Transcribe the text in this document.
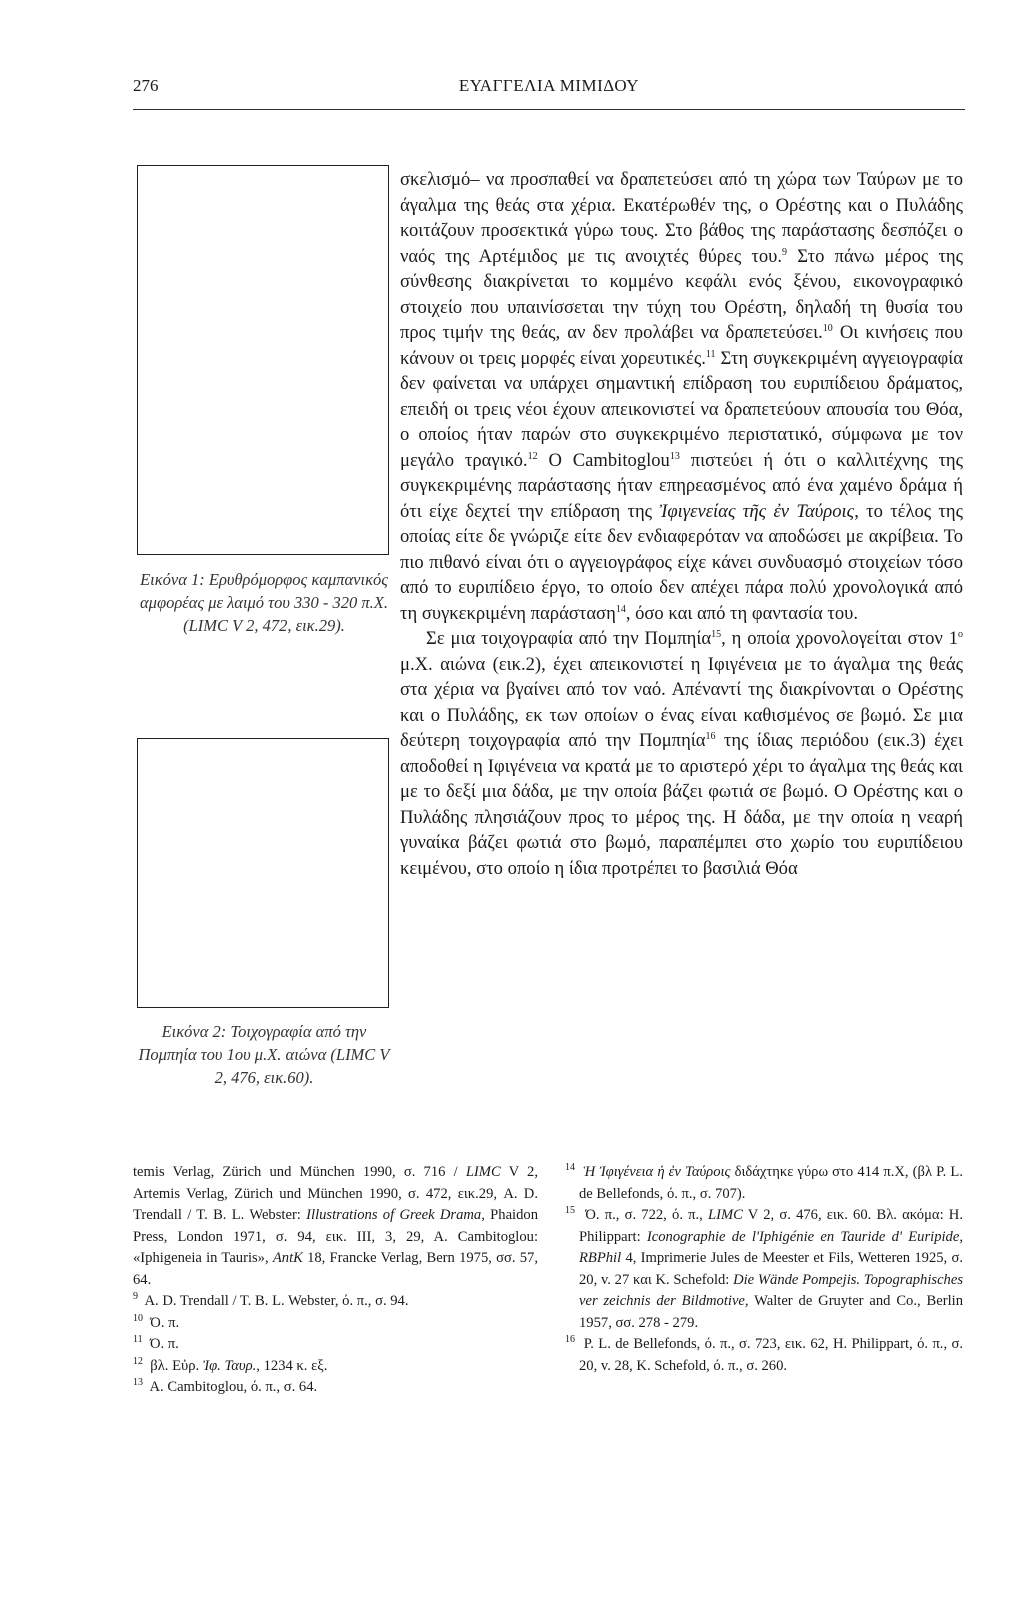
276	ΕΥΑΓΓΕΛΙΑ ΜΙΜΙΔΟΥ
Εικόνα 1: Ερυθρόμορφος καμπανικός αμφορέας με λαιμό του 330 - 320 π.Χ. (LIMC V 2, 472, εικ.29).
Εικόνα 2: Τοιχογραφία από την Πομπηία του 1ου μ.Χ. αιώνα (LIMC V 2, 476, εικ.60).

σκελισμό– να προσπαθεί να δραπετεύσει από τη χώρα των Ταύρων με το άγαλμα της θεάς στα χέρια. Εκατέρωθέν της, ο Ορέστης και ο Πυλάδης κοιτάζουν προσεκτικά γύρω τους. Στο βάθος της παράστασης δεσπόζει ο ναός της Αρτέμιδος με τις ανοιχτές θύρες του.$^9$ Στο πάνω μέρος της σύνθεσης διακρίνεται το κομμένο κεφάλι ενός ξένου, εικονογραφικό στοιχείο που υπαινίσσεται την τύχη του Ορέστη, δηλαδή τη θυσία του προς τιμήν της θεάς, αν δεν προλάβει να δραπετεύσει.$^{10}$ Οι κινήσεις που κάνουν οι τρεις μορφές είναι χορευτικές.$^{11}$ Στη συγκεκριμένη αγγειογραφία δεν φαίνεται να υπάρχει σημαντική επίδραση του ευριπίδειου δράματος, επειδή οι τρεις νέοι έχουν απεικονιστεί να δραπετεύουν απουσία του Θόα, ο οποίος ήταν παρών στο συγκεκριμένο περιστατικό, σύμφωνα με τον μεγάλο τραγικό.$^{12}$ Ο Cambitoglou$^{13}$ πιστεύει ή ότι ο καλλιτέχνης της συγκεκριμένης παράστασης ήταν επηρεασμένος από ένα χαμένο δράμα ή ότι είχε δεχτεί την επίδραση της Ἰφιγενείας τῆς ἐν Ταύροις, το τέλος της οποίας είτε δε γνώριζε είτε δεν ενδιαφερόταν να αποδώσει με ακρίβεια. Το πιο πιθανό είναι ότι ο αγγειογράφος είχε κάνει συνδυασμό στοιχείων τόσο από το ευριπίδειο έργο, το οποίο δεν απέχει πάρα πολύ χρονολογικά από τη συγκεκριμένη παράσταση$^{14}$, όσο και από τη φαντασία του.

Σε μια τοιχογραφία από την Πομπηία$^{15}$, η οποία χρονολογείται στον $1^o$ μ.Χ. αιώνα (εικ.2), έχει απεικονιστεί η Ιφιγένεια με το άγαλμα της θεάς στα χέρια να βγαίνει από τον ναό. Απέναντί της διακρίνονται ο Ορέστης και ο Πυλάδης, εκ των οποίων ο ένας είναι καθισμένος σε βωμό. Σε μια δεύτερη τοιχογραφία από την Πομπηία$^{16}$ της ίδιας περιόδου (εικ.3) έχει αποδοθεί η Ιφιγένεια να κρατά με το αριστερό χέρι το άγαλμα της θεάς και με το δεξί μια δάδα, με την οποία βάζει φωτιά σε βωμό. Ο Ορέστης και ο Πυλάδης πλησιάζουν προς το μέρος της. Η δάδα, με την οποία η νεαρή γυναίκα βάζει φωτιά στο βωμό, παραπέμπει στο χωρίο του ευριπίδειου κειμένου, στο οποίο η ίδια προτρέπει το βασιλιά Θόα

temis Verlag, Zürich und München 1990, σ. 716 / LIMC V 2, Artemis Verlag, Zürich und München 1990, σ. 472, εικ.29, A. D. Trendall / T. B. L. Webster: Illustrations of Greek Drama, Phaidon Press, London 1971, σ. 94, εικ. III, 3, 29, A. Cambitoglou: «Iphigeneia in Tauris», AntK 18, Francke Verlag, Bern 1975, σσ. 57, 64.

$^9$ A. D. Trendall / T. B. L. Webster, ό. π., σ. 94.

$^{10}$ Ό. π.

$^{11}$ Ό. π.

$^{12}$ βλ. Εὐρ. Ἰφ. Ταυρ., 1234 κ. εξ.

$^{13}$ A. Cambitoglou, ό. π., σ. 64.

$^{14}$ Ἡ Ἰφιγένεια ἡ ἐν Ταύροις διδάχτηκε γύρω στο 414 π.Χ, (βλ P. L. de Bellefonds, ό. π., σ. 707).

$^{15}$ Ό. π., σ. 722, ό. π., LIMC V 2, σ. 476, εικ. 60. Βλ. ακόμα: H. Philippart: Iconographie de l'Iphigénie en Tauride d' Euripide, RBPhil 4, Imprimerie Jules de Meester et Fils, Wetteren 1925, σ. 20, v. 27 και K. Schefold: Die Wände Pompejis. Topographisches ver zeichnis der Bildmotive, Walter de Gruyter and Co., Berlin 1957, σσ. 278 - 279.

$^{16}$ P. L. de Bellefonds, ό. π., σ. 723, εικ. 62, H. Philippart, ό. π., σ. 20, v. 28, K. Schefold, ό. π., σ. 260.
